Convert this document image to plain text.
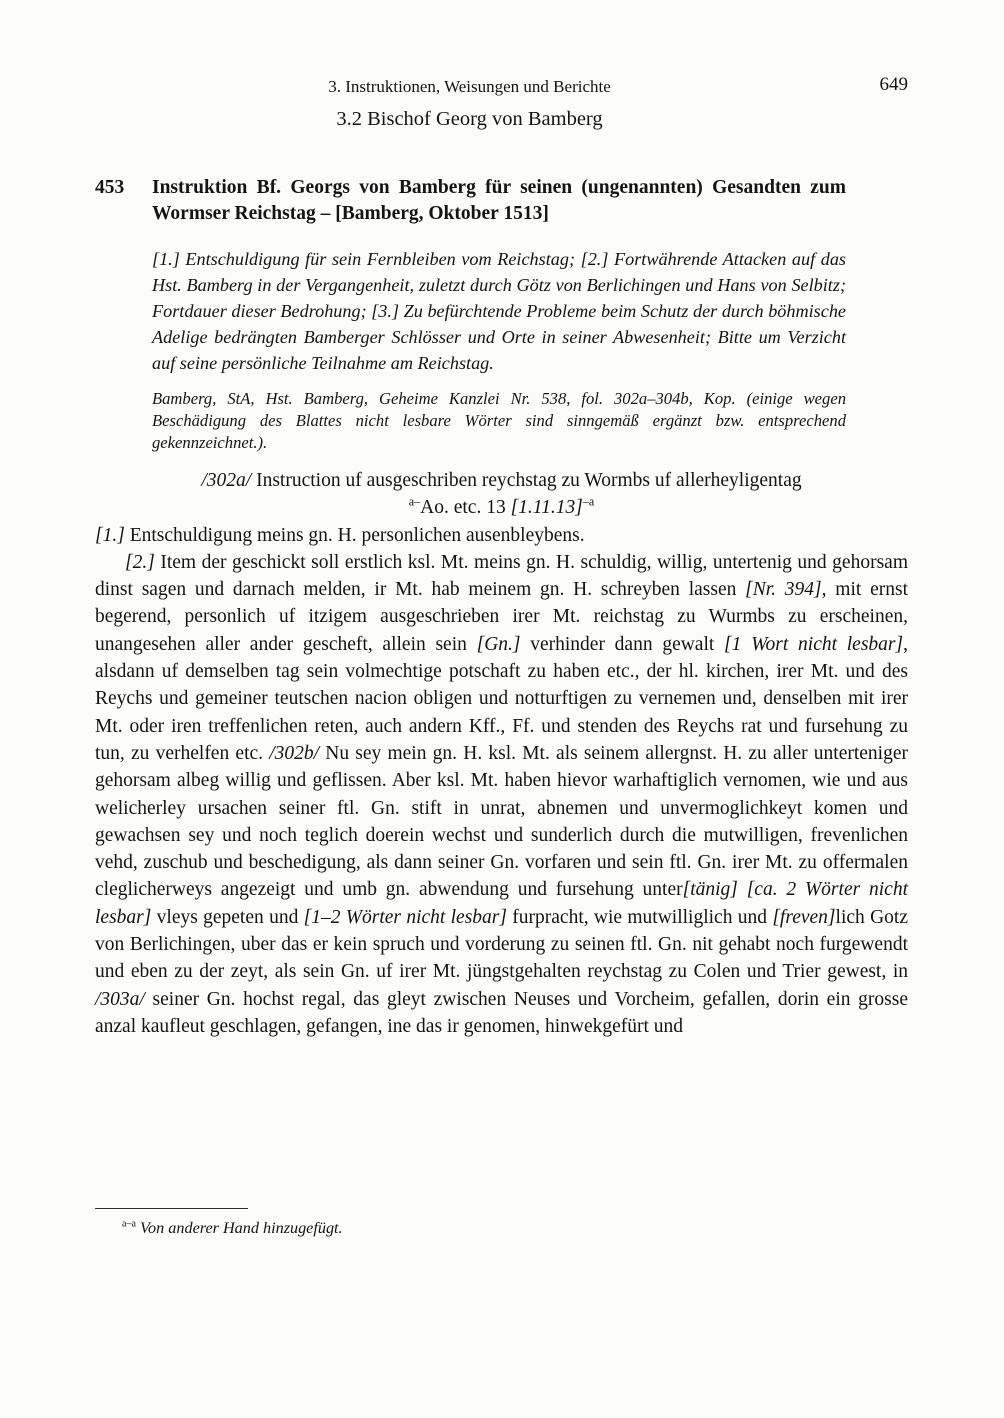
3. Instruktionen, Weisungen und Berichte	649
3.2 Bischof Georg von Bamberg
453 Instruktion Bf. Georgs von Bamberg für seinen (ungenannten) Gesandten zum Wormser Reichstag – [Bamberg, Oktober 1513]

[1.] Entschuldigung für sein Fernbleiben vom Reichstag; [2.] Fortwährende Attacken auf das Hst. Bamberg in der Vergangenheit, zuletzt durch Götz von Berlichingen und Hans von Selbitz; Fortdauer dieser Bedrohung; [3.] Zu befürchtende Probleme beim Schutz der durch böhmische Adelige bedrängten Bamberger Schlösser und Orte in seiner Abwesenheit; Bitte um Verzicht auf seine persönliche Teilnahme am Reichstag.

Bamberg, StA, Hst. Bamberg, Geheime Kanzlei Nr. 538, fol. 302a–304b, Kop. (einige wegen Beschädigung des Blattes nicht lesbare Wörter sind sinngemäß ergänzt bzw. entsprechend gekennzeichnet.).

/302a/ Instruction uf ausgeschriben reychstag zu Wormbs uf allerheyligentag

$^{a-}$Ao. etc. 13 $[1.11.13]^{-a}$

[1.] Entschuldigung meins gn. H. personlichen ausenbleybens.

[2.] Item der geschickt soll erstlich ksl. Mt. meins gn. H. schuldig, willig, untertenig und gehorsam dinst sagen und darnach melden, ir Mt. hab meinem gn. H. schreyben lassen [Nr. 394], mit ernst begerend, personlich uf itzigem ausgeschrieben irer Mt. reichstag zu Wurmbs zu erscheinen, unangesehen aller ander gescheft, allein sein [Gn.] verhinder dann gewalt [1 Wort nicht lesbar], alsdann uf demselben tag sein volmechtige potschaft zu haben etc., der hl. kirchen, irer Mt. und des Reychs und gemeiner teutschen nacion obligen und notturftigen zu vernemen und, denselben mit irer Mt. oder iren treffenlichen reten, auch andern Kff., Ff. und stenden des Reychs rat und fursehung zu tun, zu verhelfen etc. /302b/ Nu sey mein gn. H. ksl. Mt. als seinem allergnst. H. zu aller unterteniger gehorsam albeg willig und geflissen. Aber ksl. Mt. haben hievor warhaftiglich vernomen, wie und aus welicherley ursachen seiner ftl. Gn. stift in unrat, abnemen und unvermoglichkeyt komen und gewachsen sey und noch teglich doerein wechst und sunderlich durch die mutwilligen, frevenlichen vehd, zuschub und beschedigung, als dann seiner Gn. vorfaren und sein ftl. Gn. irer Mt. zu offermalen cleglicherweys angezeigt und umb gn. abwendung und fursehung unter[tänig] [ca. 2 Wörter nicht lesbar] vleys gepeten und [1–2 Wörter nicht lesbar] furpracht, wie mutwilliglich und [freven]lich Gotz von Berlichingen, uber das er kein spruch und vorderung zu seinen ftl. Gn. nit gehabt noch furgewendt und eben zu der zeyt, als sein Gn. uf irer Mt. jüngstgehalten reychstag zu Colen und Trier gewest, in /303a/ seiner Gn. hochst regal, das gleyt zwischen Neuses und Vorcheim, gefallen, dorin ein grosse anzal kaufleut geschlagen, gefangen, ine das ir genomen, hinwekgefürt und

$^{a-a}$ Von anderer Hand hinzugefügt.
